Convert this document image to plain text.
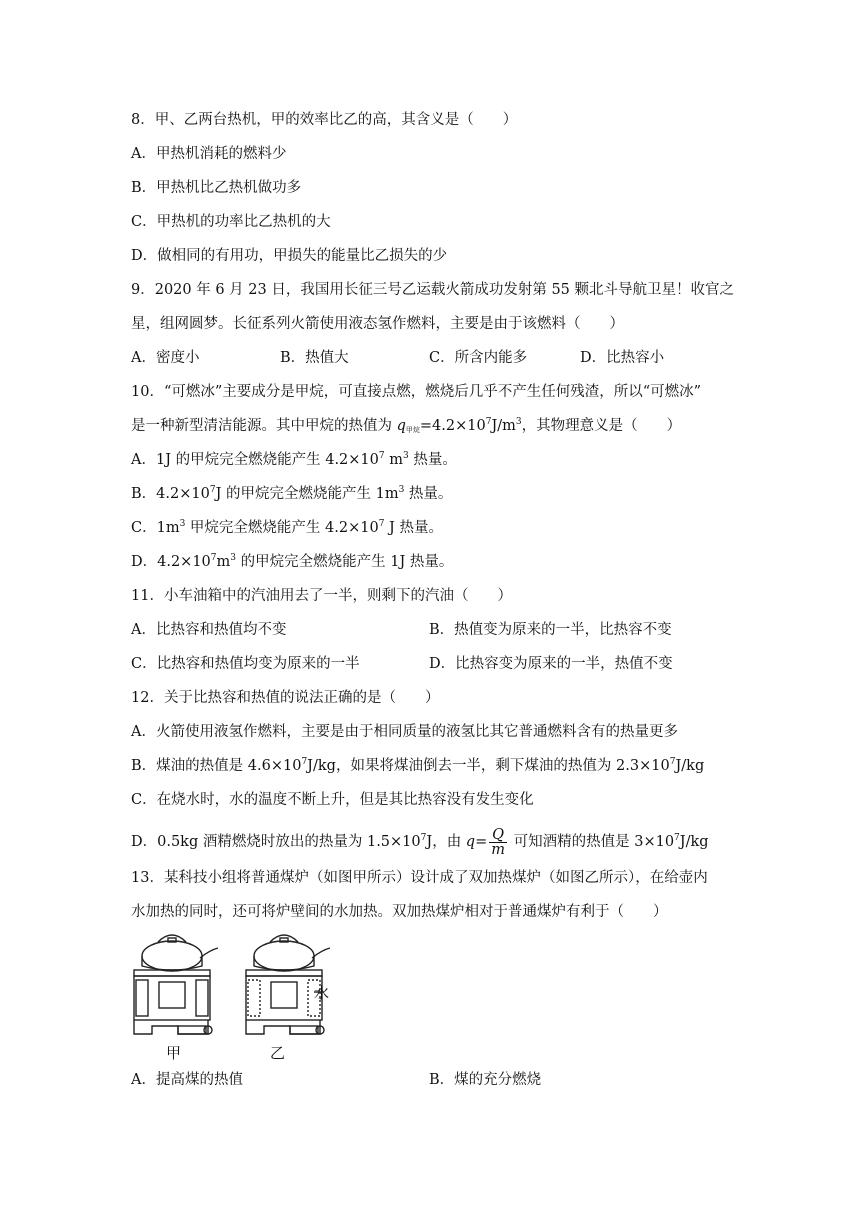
8．甲、乙两台热机，甲的效率比乙的高，其含义是（　　）
A．甲热机消耗的燃料少
B．甲热机比乙热机做功多
C．甲热机的功率比乙热机的大
D．做相同的有用功，甲损失的能量比乙损失的少
9．2020 年 6 月 23 日，我国用长征三号乙运载火箭成功发射第 55 颗北斗导航卫星！收官之
星，组网圆梦。长征系列火箭使用液态氢作燃料，主要是由于该燃料（　　）
A．密度小	B．热值大	C．所含内能多	D．比热容小
10．“可燃冰”主要成分是甲烷，可直接点燃，燃烧后几乎不产生任何残渣，所以“可燃冰”
是一种新型清洁能源。其中甲烷的热值为 $q_{甲烷}=4.2\times 10^7J/m^3$，其物理意义是（　　）
A．1J 的甲烷完全燃烧能产生 $4.2\times 10^7$ $m^3$ 热量。
B．$4.2\times 10^7J$ 的甲烷完全燃烧能产生 $1m^3$ 热量。
C．$1m^3$ 甲烷完全燃烧能产生 $4.2\times 10^7$ J 热量。
D．$4.2\times 10^7m^3$ 的甲烷完全燃烧能产生 1J 热量。
11．小车油箱中的汽油用去了一半，则剩下的汽油（　　）
A．比热容和热值均不变	B．热值变为原来的一半，比热容不变
C．比热容和热值均变为原来的一半	D．比热容变为原来的一半，热值不变
12．关于比热容和热值的说法正确的是（　　）
A．火箭使用液氢作燃料，主要是由于相同质量的液氢比其它普通燃料含有的热量更多
B．煤油的热值是 $4.6\times 10^7J/kg$，如果将煤油倒去一半，剩下煤油的热值为 $2.3\times 10^7J/kg$
C．在烧水时，水的温度不断上升，但是其比热容没有发生变化
D．0.5kg 酒精燃烧时放出的热量为 $1.5\times 10^7J$，由 $q= \frac{Q}{m}$ 可知酒精的热值是 $3\times 10^7J/kg$
13．某科技小组将普通煤炉（如图甲所示）设计成了双加热煤炉（如图乙所示），在给壶内
水加热的同时，还可将炉壁间的水加热。双加热煤炉相对于普通煤炉有利于（　　）
甲	乙
水
A．提高煤的热值	B．煤的充分燃烧
